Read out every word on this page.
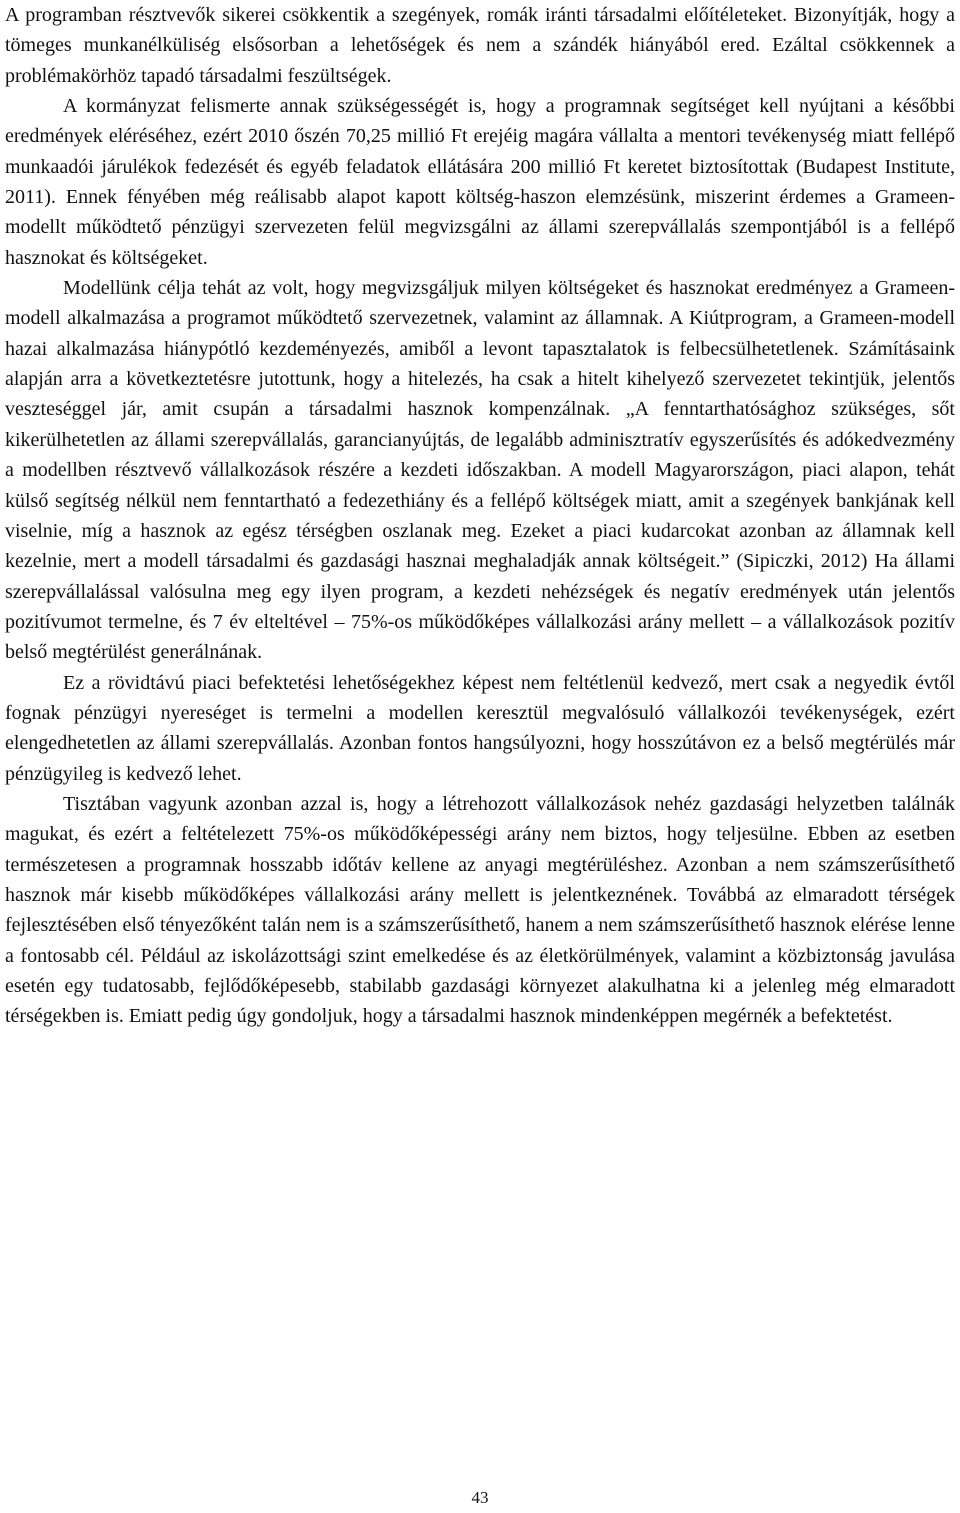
A programban résztvevők sikerei csökkentik a szegények, romák iránti társadalmi előítéleteket. Bizonyítják, hogy a tömeges munkanélküliség elsősorban a lehetőségek és nem a szándék hiányából ered. Ezáltal csökkennek a problémakörhöz tapadó társadalmi feszültségek.

A kormányzat felismerte annak szükségességét is, hogy a programnak segítséget kell nyújtani a későbbi eredmények eléréséhez, ezért 2010 őszén 70,25 millió Ft erejéig magára vállalta a mentori tevékenység miatt fellépő munkaadói járulékok fedezését és egyéb feladatok ellátására 200 millió Ft keretet biztosítottak (Budapest Institute, 2011). Ennek fényében még reálisabb alapot kapott költség-haszon elemzésünk, miszerint érdemes a Grameen-modellt működtető pénzügyi szervezeten felül megvizsgálni az állami szerepvállalás szempontjából is a fellépő hasznokat és költségeket.

Modellünk célja tehát az volt, hogy megvizsgáljuk milyen költségeket és hasznokat eredményez a Grameen-modell alkalmazása a programot működtető szervezetnek, valamint az államnak. A Kiútprogram, a Grameen-modell hazai alkalmazása hiánypótló kezdeményezés, amiből a levont tapasztalatok is felbecsülhetetlenek. Számításaink alapján arra a következtetésre jutottunk, hogy a hitelezés, ha csak a hitelt kihelyező szervezetet tekintjük, jelentős veszteséggel jár, amit csupán a társadalmi hasznok kompenzálnak. „A fenntarthatósághoz szükséges, sőt kikerülhetetlen az állami szerepvállalás, garancianyújtás, de legalább adminisztratív egyszerűsítés és adókedvezmény a modellben résztvevő vállalkozások részére a kezdeti időszakban. A modell Magyarországon, piaci alapon, tehát külső segítség nélkül nem fenntartható a fedezethiány és a fellépő költségek miatt, amit a szegények bankjának kell viselnie, míg a hasznok az egész térségben oszlanak meg. Ezeket a piaci kudarcokat azonban az államnak kell kezelnie, mert a modell társadalmi és gazdasági hasznai meghaladják annak költségeit.” (Sipiczki, 2012) Ha állami szerepvállalással valósulna meg egy ilyen program, a kezdeti nehézségek és negatív eredmények után jelentős pozitívumot termelne, és 7 év elteltével – 75%-os működőképes vállalkozási arány mellett – a vállalkozások pozitív belső megtérülést generálnának.

Ez a rövidtávú piaci befektetési lehetőségekhez képest nem feltétlenül kedvező, mert csak a negyedik évtől fognak pénzügyi nyereséget is termelni a modellen keresztül megvalósuló vállalkozói tevékenységek, ezért elengedhetetlen az állami szerepvállalás. Azonban fontos hangsúlyozni, hogy hosszútávon ez a belső megtérülés már pénzügyileg is kedvező lehet.

Tisztában vagyunk azonban azzal is, hogy a létrehozott vállalkozások nehéz gazdasági helyzetben találnák magukat, és ezért a feltételezett 75%-os működőképességi arány nem biztos, hogy teljesülne. Ebben az esetben természetesen a programnak hosszabb időtáv kellene az anyagi megtérüléshez. Azonban a nem számszerűsíthető hasznok már kisebb működőképes vállalkozási arány mellett is jelentkeznének. Továbbá az elmaradott térségek fejlesztésében első tényezőként talán nem is a számszerűsíthető, hanem a nem számszerűsíthető hasznok elérése lenne a fontosabb cél. Például az iskolázottsági szint emelkedése és az életkörülmények, valamint a közbiztonság javulása esetén egy tudatosabb, fejlődőképesebb, stabilabb gazdasági környezet alakulhatna ki a jelenleg még elmaradott térségekben is. Emiatt pedig úgy gondoljuk, hogy a társadalmi hasznok mindenképpen megérnék a befektetést.

43
